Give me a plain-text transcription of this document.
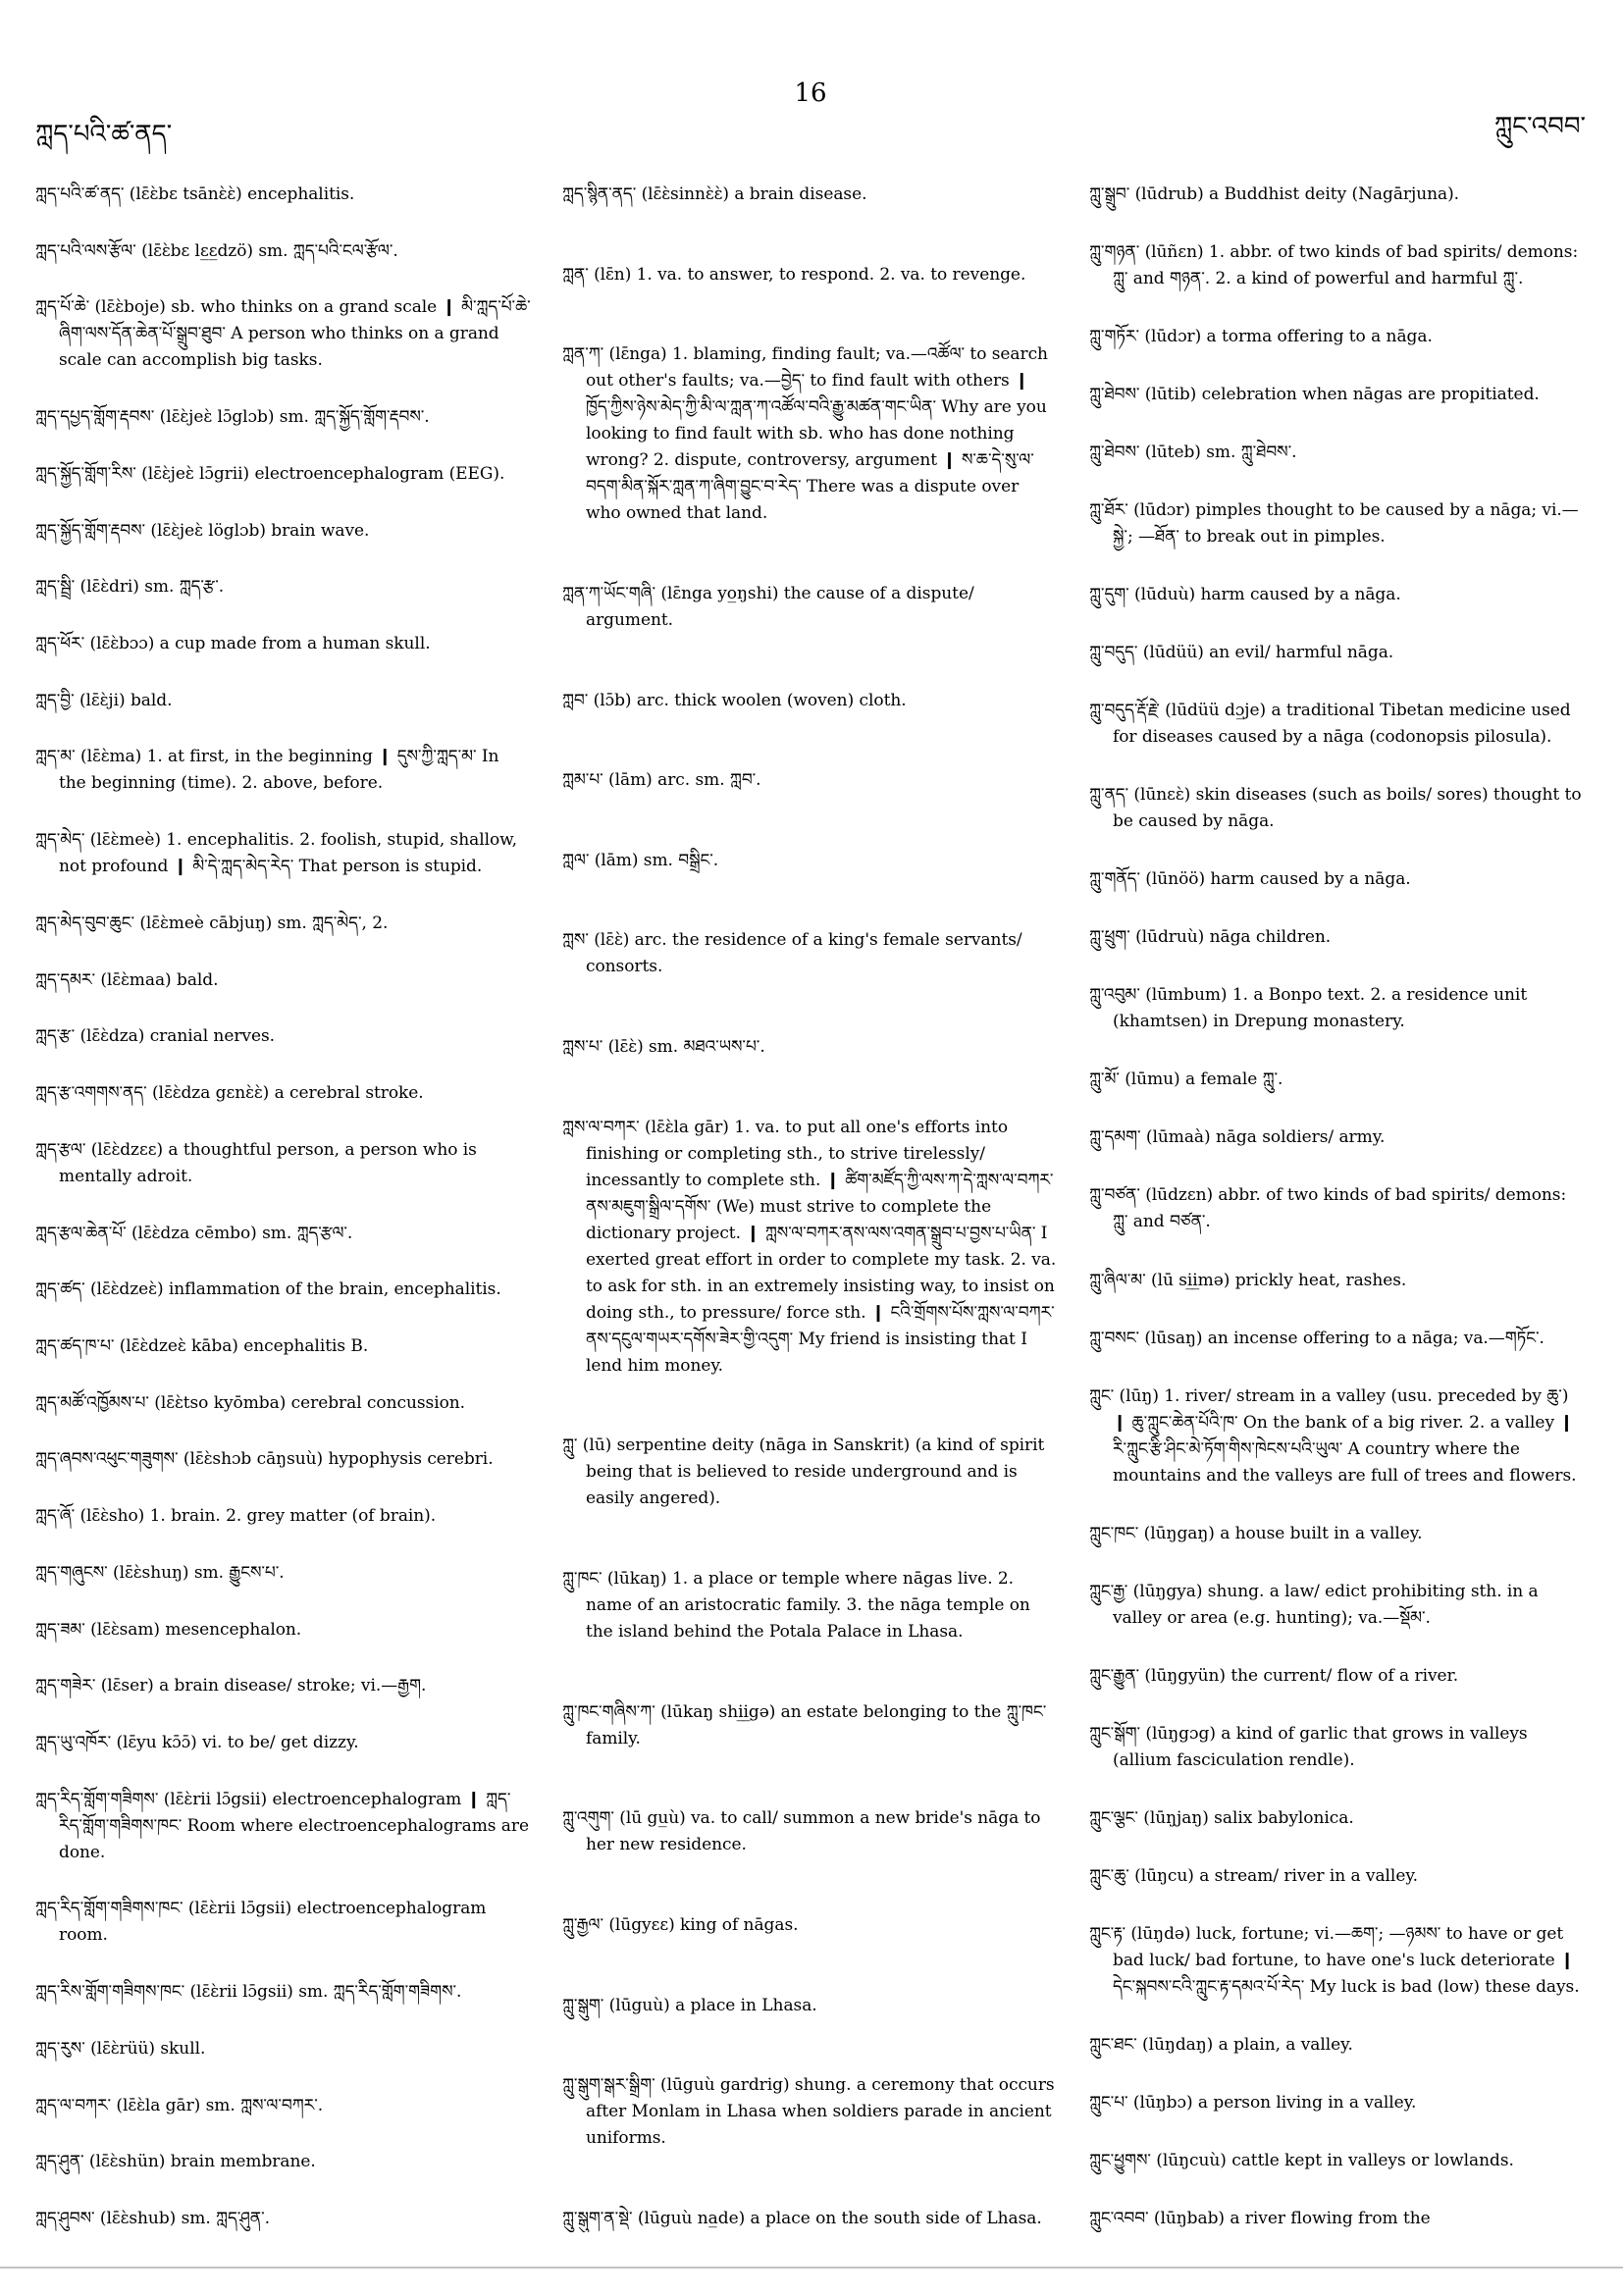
ཀླད་པའི་ཚ་ནད་
16
ཀླུང་འབབ་

ཀླད་པའི་ཚ་ནད་ (lɛ̄ɛ̀bɛ tsānɛ̀ɛ̀) encephalitis.

ཀླད་པའི་ལས་རྩོལ་ (lɛ̄ɛ̀bɛ lɛ̲ɛ̲dzö) sm. ཀླད་པའི་ངལ་རྩོལ་.

ཀླད་པོ་ཆེ་ (lɛ̄ɛ̀boje) sb. who thinks on a grand scale ❙ མི་ཀླད་པོ་ཆེ་ཞིག་ལས་དོན་ཆེན་པོ་སྒྲུབ་ཐུབ་ A person who thinks on a grand scale can accomplish big tasks.

ཀླད་དཔྱད་གློག་རྡབས་ (lɛ̄ɛ̀jeɛ̀ lɔ̄glɔb) sm. ཀླད་སྐྱོད་གློག་རྡབས་.

ཀླད་སྐྱོད་གློག་རིས་ (lɛ̄ɛ̀jeɛ̀ lɔ̄grii) electroencephalogram (EEG).

ཀླད་སྐྱོད་གློག་རྡབས་ (lɛ̄ɛ̀jeɛ̀ löglɔb) brain wave.

ཀླད་སྦྲི་ (lɛ̄ɛ̀dri) sm. ཀླད་རྩ་.

ཀླད་ཕོར་ (lɛ̄ɛ̀bɔɔ) a cup made from a human skull.

ཀླད་བྱི་ (lɛ̄ɛ̀ji) bald.

ཀླད་མ་ (lɛ̄ɛ̀ma) 1. at first, in the beginning ❙ དུས་ཀྱི་ཀླད་མ་ In the beginning (time). 2. above, before.

ཀླད་མེད་ (lɛ̄ɛ̀meè) 1. encephalitis. 2. foolish, stupid, shallow, not profound ❙ མི་དེ་ཀླད་མེད་རེད་ That person is stupid.

ཀླད་མེད་བུབ་ཆུང་ (lɛ̄ɛ̀meè cābjuŋ) sm. ཀླད་མེད་, 2.

ཀླད་དམར་ (lɛ̄ɛ̀maa) bald.

ཀླད་རྩ་ (lɛ̄ɛ̀dza) cranial nerves.

ཀླད་རྩ་འགགས་ནད་ (lɛ̄ɛ̀dza gɛnɛ̀ɛ̀) a cerebral stroke.

ཀླད་རྩལ་ (lɛ̄ɛ̀dzɛɛ) a thoughtful person, a person who is mentally adroit.

ཀླད་རྩལ་ཆེན་པོ་ (lɛ̄ɛ̀dza cēmbo) sm. ཀླད་རྩལ་.

ཀླད་ཚད་ (lɛ̄ɛ̀dzeɛ̀) inflammation of the brain, encephalitis.

ཀླད་ཚད་ཁ་པ་ (lɛ̄ɛ̀dzeɛ̀ kāba) encephalitis B.

ཀླད་མཚོ་འཁྱོམས་པ་ (lɛ̄ɛ̀tso kyōmba) cerebral concussion.

ཀླད་ཞབས་འཕུང་གཟུགས་ (lɛ̄ɛ̀shɔb cāŋsuù) hypophysis cerebri.

ཀླད་ཞོ་ (lɛ̄ɛ̀sho) 1. brain. 2. grey matter (of brain).

ཀླད་གཞུངས་ (lɛ̄ɛ̀shuŋ) sm. རྒྱུངས་པ་.

ཀླད་ཟམ་ (lɛ̄ɛ̀sam) mesencephalon.

ཀླད་གཟེར་ (lɛ̄ser) a brain disease/ stroke; vi.—རྒྱག.

ཀླད་ཡུ་འཁོར་ (lɛ̄yu kɔ̄ɔ̄) vi. to be/ get dizzy.

ཀླད་རིད་གློག་གཟིགས་ (lɛ̄ɛ̀rii lɔ̄gsii) electroencephalogram ❙ ཀླད་རིད་གློག་གཟིགས་ཁང་ Room where electroencephalograms are done.

ཀླད་རིད་གློག་གཟིགས་ཁང་ (lɛ̄ɛ̀rii lɔ̄gsii) electroencephalogram room.

ཀླད་རིས་གློག་གཟིགས་ཁང་ (lɛ̄ɛ̀rii lɔ̄gsii) sm. ཀླད་རིད་གློག་གཟིགས་.

ཀླད་རུས་ (lɛ̄ɛ̀rüü) skull.

ཀླད་ལ་བཀར་ (lɛ̄ɛ̀la gār) sm. ཀླས་ལ་བཀར་.

ཀླད་ཤུན་ (lɛ̄ɛ̀shün) brain membrane.

ཀླད་ཤུབས་ (lɛ̄ɛ̀shub) sm. ཀླད་ཤུན་.

ཀླད་སྙིན་ནད་ (lɛ̄ɛ̀sinnɛ̀ɛ̀) a brain disease.

ཀླན་ (lɛ̄n) 1. va. to answer, to respond. 2. va. to revenge.

ཀླན་ཀ་ (lɛ̄nga) 1. blaming, finding fault; va.—འཚོལ་ to search out other's faults; va.—བྱེད་ to find fault with others ❙ ཁྱོད་ཀྱིས་ཉེས་མེད་ཀྱི་མི་ལ་ཀླན་ཀ་འཚོལ་བའི་རྒྱུ་མཚན་གང་ཡིན་ Why are you looking to find fault with sb. who has done nothing wrong? 2. dispute, controversy, argument ❙ ས་ཆ་དེ་སུ་ལ་བདག་མིན་སྐོར་ཀླན་ཀ་ཞིག་བྱུང་བ་རེད་ There was a dispute over who owned that land.

ཀླན་ཀ་ཡོང་གཞི་ (lɛ̄nga yo̲ŋshi) the cause of a dispute/ argument.

ཀླབ་ (lɔ̄b) arc. thick woolen (woven) cloth.

ཀླམ་པ་ (lām) arc. sm. ཀླབ་.

ཀླལ་ (lām) sm. བསྒྲིང་.

ཀླས་ (lɛ̄ɛ̀) arc. the residence of a king's female servants/ consorts.

ཀླས་པ་ (lɛ̄ɛ̀) sm. མཐའ་ཡས་པ་.

ཀླས་ལ་བཀར་ (lɛ̄ɛ̀la gār) 1. va. to put all one's efforts into finishing or completing sth., to strive tirelessly/ incessantly to complete sth. ❙ ཚིག་མཛོད་ཀྱི་ལས་ཀ་དེ་ཀླས་ལ་བཀར་ནས་མཇུག་སྒྲིལ་དགོས་ (We) must strive to complete the dictionary project. ❙ ཀླས་ལ་བཀར་ནས་ལས་འགན་སྒྲུབ་པ་བྱས་པ་ཡིན་ I exerted great effort in order to complete my task. 2. va. to ask for sth. in an extremely insisting way, to insist on doing sth., to pressure/ force sth. ❙ ངའི་གྲོགས་པོས་ཀླས་ལ་བཀར་ནས་དངུལ་གཡར་དགོས་ཟེར་གྱི་འདུག་ My friend is insisting that I lend him money.

ཀླུ་ (lū) serpentine deity (nāga in Sanskrit) (a kind of spirit being that is believed to reside underground and is easily angered).

ཀླུ་ཁང་ (lūkaŋ) 1. a place or temple where nāgas live. 2. name of an aristocratic family. 3. the nāga temple on the island behind the Potala Palace in Lhasa.

ཀླུ་ཁང་གཞིས་ཀ་ (lūkaŋ shi̲i̲gə) an estate belonging to the ཀླུ་ཁང་ family.

ཀླུ་འགུག་ (lū gu̲ù) va. to call/ summon a new bride's nāga to her new residence.

ཀླུ་རྒྱལ་ (lūgyɛɛ) king of nāgas.

ཀླུ་སྒུག་ (lūguù) a place in Lhasa.

ཀླུ་སྒུག་སྒར་སྒྲིག་ (lūguù gardrig) shung. a ceremony that occurs after Monlam in Lhasa when soldiers parade in ancient uniforms.

ཀླུ་སྒུག་ན་སྡེ་ (lūguù na̲de) a place on the south side of Lhasa.

ཀླུ་སྒྲུབ་ (lūdrub) a Buddhist deity (Nagārjuna).

ཀླུ་གཉན་ (lūñɛn) 1. abbr. of two kinds of bad spirits/ demons: ཀླུ་ and གཉན་. 2. a kind of powerful and harmful ཀླུ་.

ཀླུ་གཏོར་ (lūdɔr) a torma offering to a nāga.

ཀླུ་ཐེབས་ (lūtib) celebration when nāgas are propitiated.

ཀླུ་ཐེབས་ (lūteb) sm. ཀླུ་ཐེབས་.

ཀླུ་ཐོར་ (lūdɔr) pimples thought to be caused by a nāga; vi.—སྐྱེ་; —ཐོན་ to break out in pimples.

ཀླུ་དུག་ (lūduù) harm caused by a nāga.

ཀླུ་བདུད་ (lūdüü) an evil/ harmful nāga.

ཀླུ་བདུད་རྡོ་རྗེ་ (lūdüü dɔ̲je) a traditional Tibetan medicine used for diseases caused by a nāga (codonopsis pilosula).

ཀླུ་ནད་ (lūnɛɛ̀) skin diseases (such as boils/ sores) thought to be caused by nāga.

ཀླུ་གནོད་ (lūnöö) harm caused by a nāga.

ཀླུ་ཕྲུག་ (lūdruù) nāga children.

ཀླུ་འབུམ་ (lūmbum) 1. a Bonpo text. 2. a residence unit (khamtsen) in Drepung monastery.

ཀླུ་མོ་ (lūmu) a female ཀླུ་.

ཀླུ་དམག་ (lūmaà) nāga soldiers/ army.

ཀླུ་བཙན་ (lūdzɛn) abbr. of two kinds of bad spirits/ demons: ཀླུ་ and བཙན་.

ཀླུ་ཞིལ་མ་ (lū si̲i̲mə) prickly heat, rashes.

ཀླུ་བསང་ (lūsaŋ) an incense offering to a nāga; va.—གཏོང་.

ཀླུང་ (lūŋ) 1. river/ stream in a valley (usu. preceded by ཆུ་) ❙ ཆུ་ཀླུང་ཆེན་པོའི་ཁ་ On the bank of a big river. 2. a valley ❙ རི་ཀླུང་རྩི་ཤིང་མེ་ཏོག་གིས་ཁེངས་པའི་ཡུལ་ A country where the mountains and the valleys are full of trees and flowers.

ཀླུང་ཁང་ (lūŋgaŋ) a house built in a valley.

ཀླུང་རྒྱ་ (lūŋgya) shung. a law/ edict prohibiting sth. in a valley or area (e.g. hunting); va.—སྡོམ་.

ཀླུང་རྒྱུན་ (lūŋgyün) the current/ flow of a river.

ཀླུང་སྒོག་ (lūŋgɔg) a kind of garlic that grows in valleys (allium fasciculation rendle).

ཀླུང་ལྕང་ (lūŋjaŋ) salix babylonica.

ཀླུང་ཆུ་ (lūŋcu) a stream/ river in a valley.

ཀླུང་རྟ་ (lūŋdə) luck, fortune; vi.—ཆག་; —ཉམས་ to have or get bad luck/ bad fortune, to have one's luck deteriorate ❙ དེང་སྐབས་ངའི་ཀླུང་རྟ་དམའ་པོ་རེད་ My luck is bad (low) these days.

ཀླུང་ཐང་ (lūŋdaŋ) a plain, a valley.

ཀླུང་པ་ (lūŋbɔ) a person living in a valley.

ཀླུང་ཕྱུགས་ (lūŋcuù) cattle kept in valleys or lowlands.

ཀླུང་འབབ་ (lūŋbab) a river flowing from the
